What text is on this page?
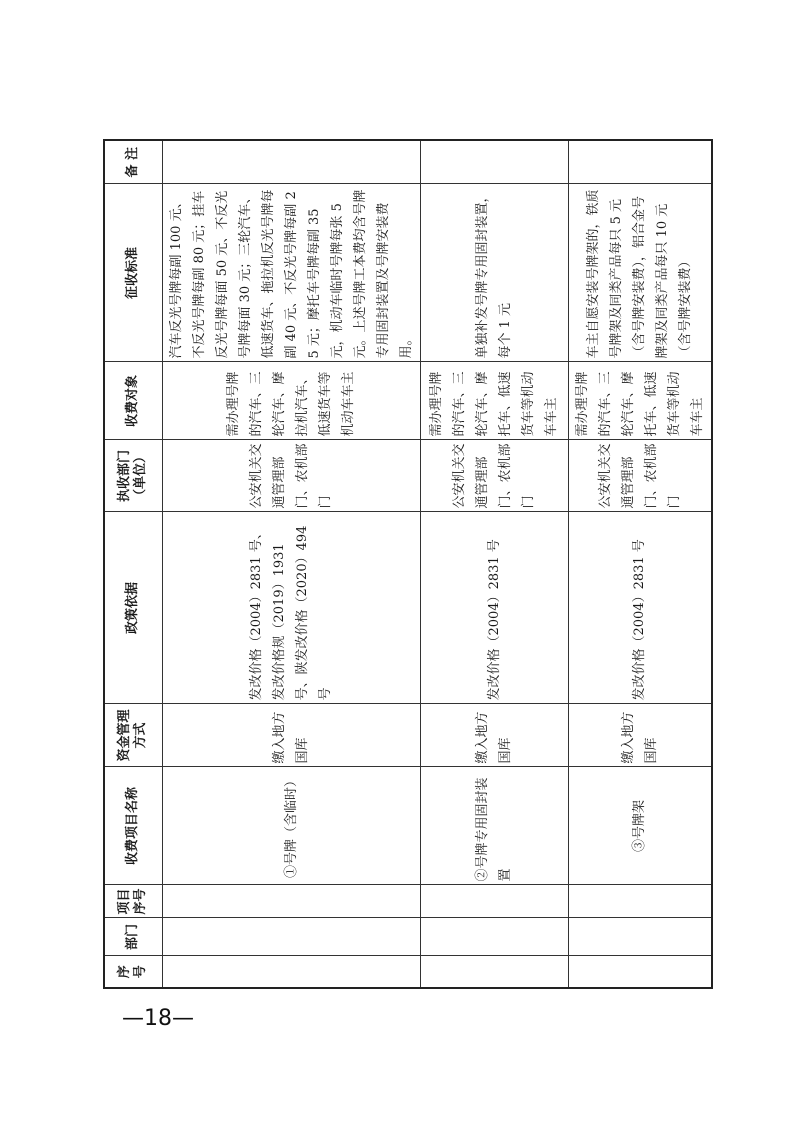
序号	部门	项目序号	收费项目名称	资金管理方式	政策依据	执收部门（单位）	收费对象	征收标准	备 注
			①号牌（含临时）	缴入地方国库	发改价格（2004）2831 号、发改价格规（2019）1931 号、陕发改价格（2020）494 号	公安机关交通管理部门、农机部门	需办理号牌的汽车、三轮汽车、摩拉机汽车、低速货车等机动车车主	汽车反光号牌每副 100 元、不反光号牌每副 80 元；挂车反光号牌每面 50 元、不反光号牌每面 30 元；三轮汽车、低速货车、拖拉机反光号牌每副 40 元、不反光号牌每副 25 元；摩托车号牌每副 35 元，机动车临时号牌每张 5 元。上述号牌工本费均含号牌专用固封装置及号牌安装费用。	
			②号牌专用固封装置	缴入地方国库	发改价格（2004）2831 号	公安机关交通管理部门、农机部门	需办理号牌的汽车、三轮汽车、摩托车、低速货车等机动车车主	单独补发号牌专用固封装置，每个 1 元	
			③号牌架	缴入地方国库	发改价格（2004）2831 号	公安机关交通管理部门、农机部门	需办理号牌的汽车、三轮汽车、摩托车、低速货车等机动车车主	车主自愿安装号牌架的，铁质号牌架及同类产品每只 5 元（含号牌安装费），铝合金号牌架及同类产品每只 10 元（含号牌安装费）	
—18—
